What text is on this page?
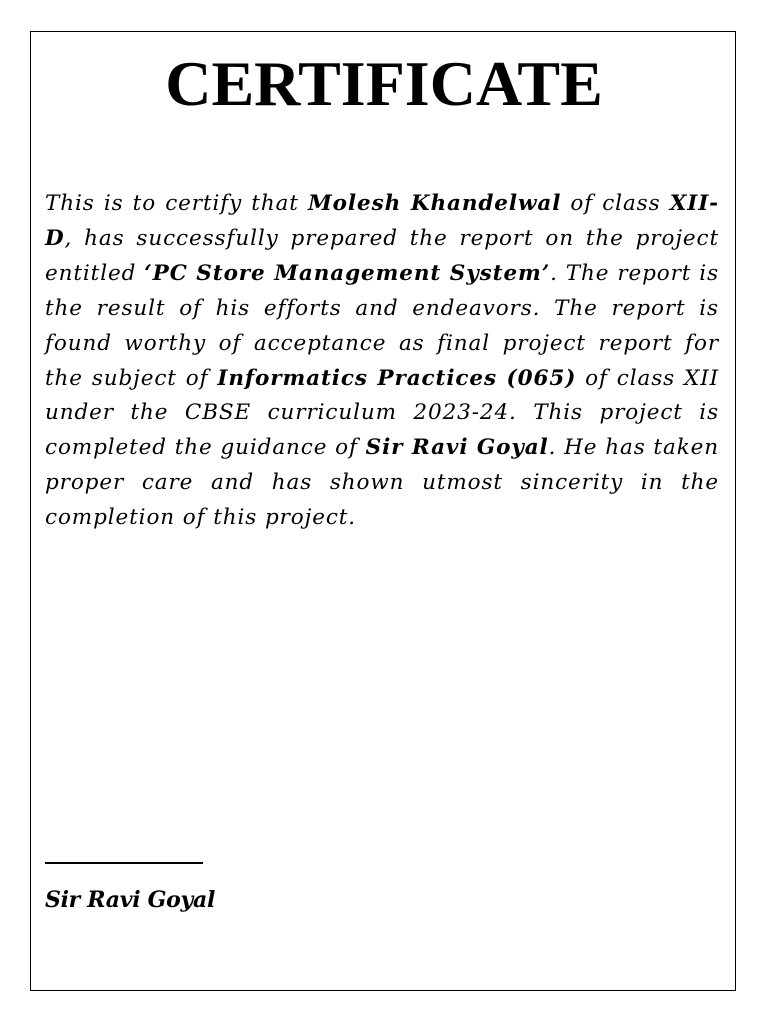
CERTIFICATE

This is to certify that Molesh Khandelwal of class XII-D, has successfully prepared the report on the project entitled ‘PC Store Management System’. The report is the result of his efforts and endeavors. The report is found worthy of acceptance as final project report for the subject of Informatics Practices (065) of class XII under the CBSE curriculum 2023-24. This project is completed the guidance of Sir Ravi Goyal. He has taken proper care and has shown utmost sincerity in the completion of this project.

Sir Ravi Goyal
